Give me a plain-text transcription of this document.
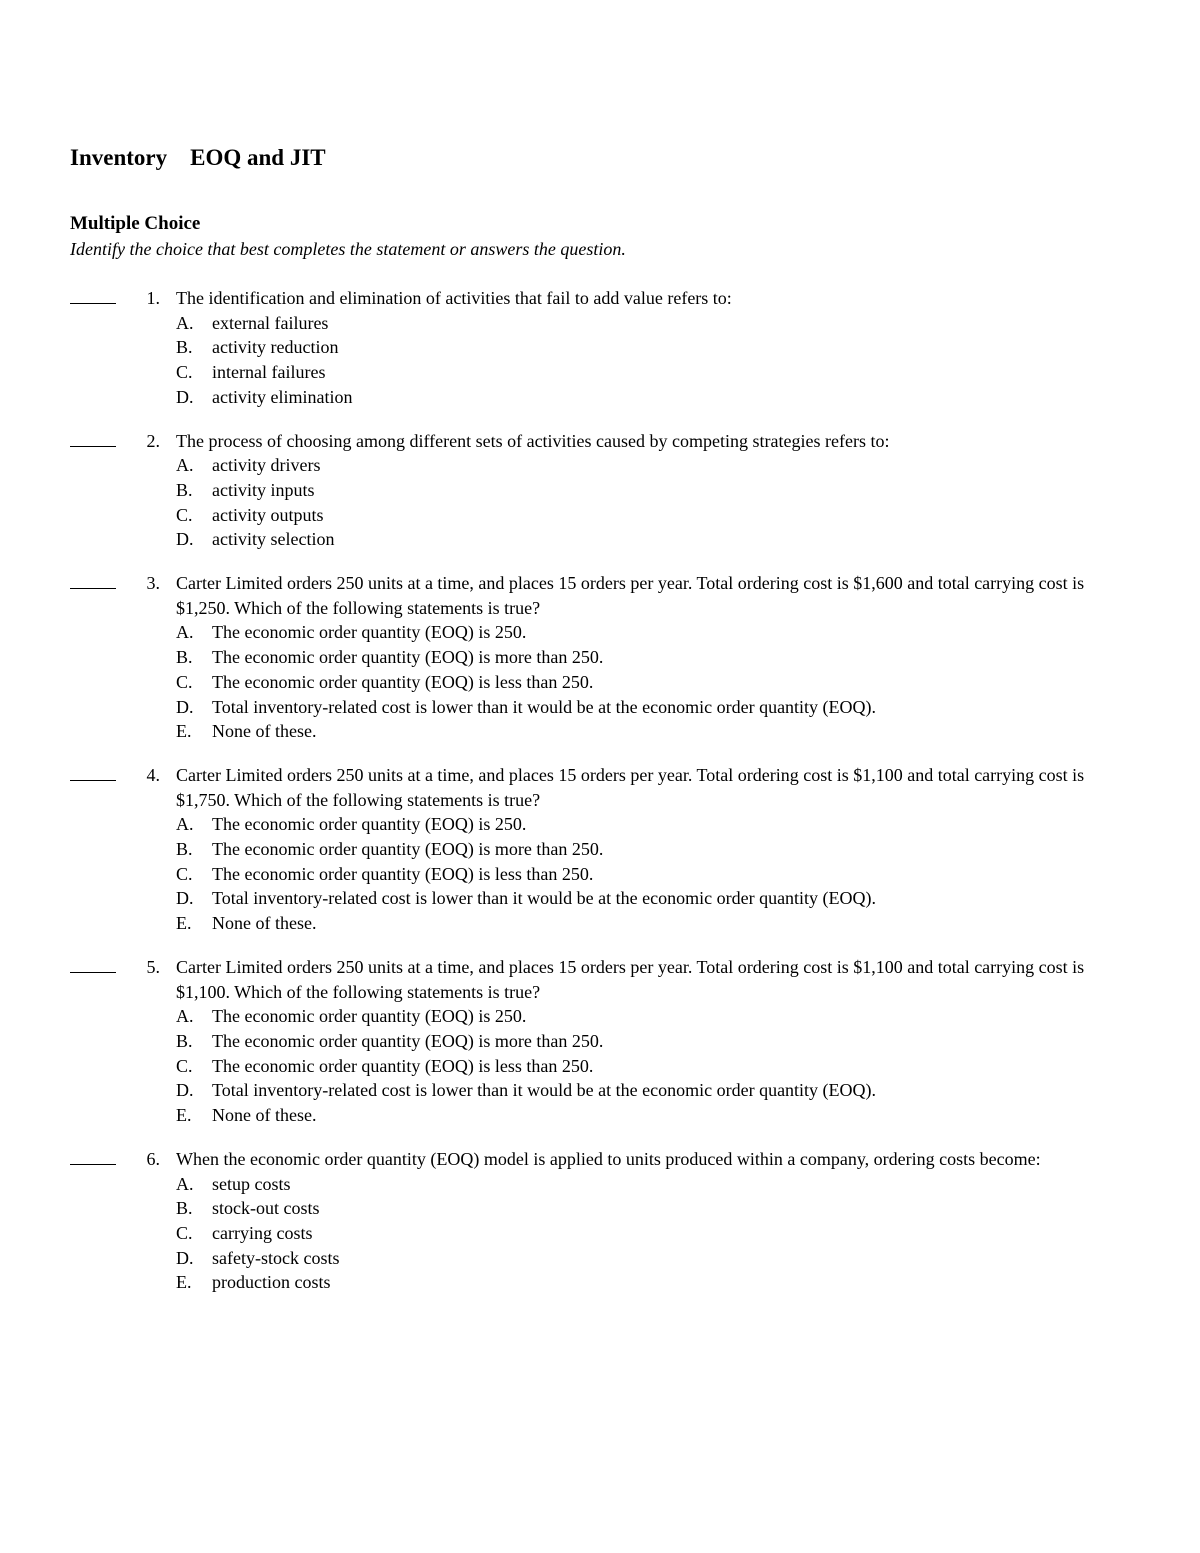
Inventory    EOQ and JIT
Multiple Choice

Identify the choice that best completes the statement or answers the question.

1. The identification and elimination of activities that fail to add value refers to:
A.	external failures
B.	activity reduction
C.	internal failures
D.	activity elimination
2. The process of choosing among different sets of activities caused by competing strategies refers to:
A.	activity drivers
B.	activity inputs
C.	activity outputs
D.	activity selection
3. Carter Limited orders 250 units at a time, and places 15 orders per year. Total ordering cost is $1,600 and total carrying cost is $1,250. Which of the following statements is true?
A.	The economic order quantity (EOQ) is 250.
B.	The economic order quantity (EOQ) is more than 250.
C.	The economic order quantity (EOQ) is less than 250.
D.	Total inventory-related cost is lower than it would be at the economic order quantity (EOQ).
E.	None of these.
4. Carter Limited orders 250 units at a time, and places 15 orders per year. Total ordering cost is $1,100 and total carrying cost is $1,750. Which of the following statements is true?
A.	The economic order quantity (EOQ) is 250.
B.	The economic order quantity (EOQ) is more than 250.
C.	The economic order quantity (EOQ) is less than 250.
D.	Total inventory-related cost is lower than it would be at the economic order quantity (EOQ).
E.	None of these.
5. Carter Limited orders 250 units at a time, and places 15 orders per year. Total ordering cost is $1,100 and total carrying cost is $1,100. Which of the following statements is true?
A.	The economic order quantity (EOQ) is 250.
B.	The economic order quantity (EOQ) is more than 250.
C.	The economic order quantity (EOQ) is less than 250.
D.	Total inventory-related cost is lower than it would be at the economic order quantity (EOQ).
E.	None of these.
6. When the economic order quantity (EOQ) model is applied to units produced within a company, ordering costs become:
A.	setup costs
B.	stock-out costs
C.	carrying costs
D.	safety-stock costs
E.	production costs
